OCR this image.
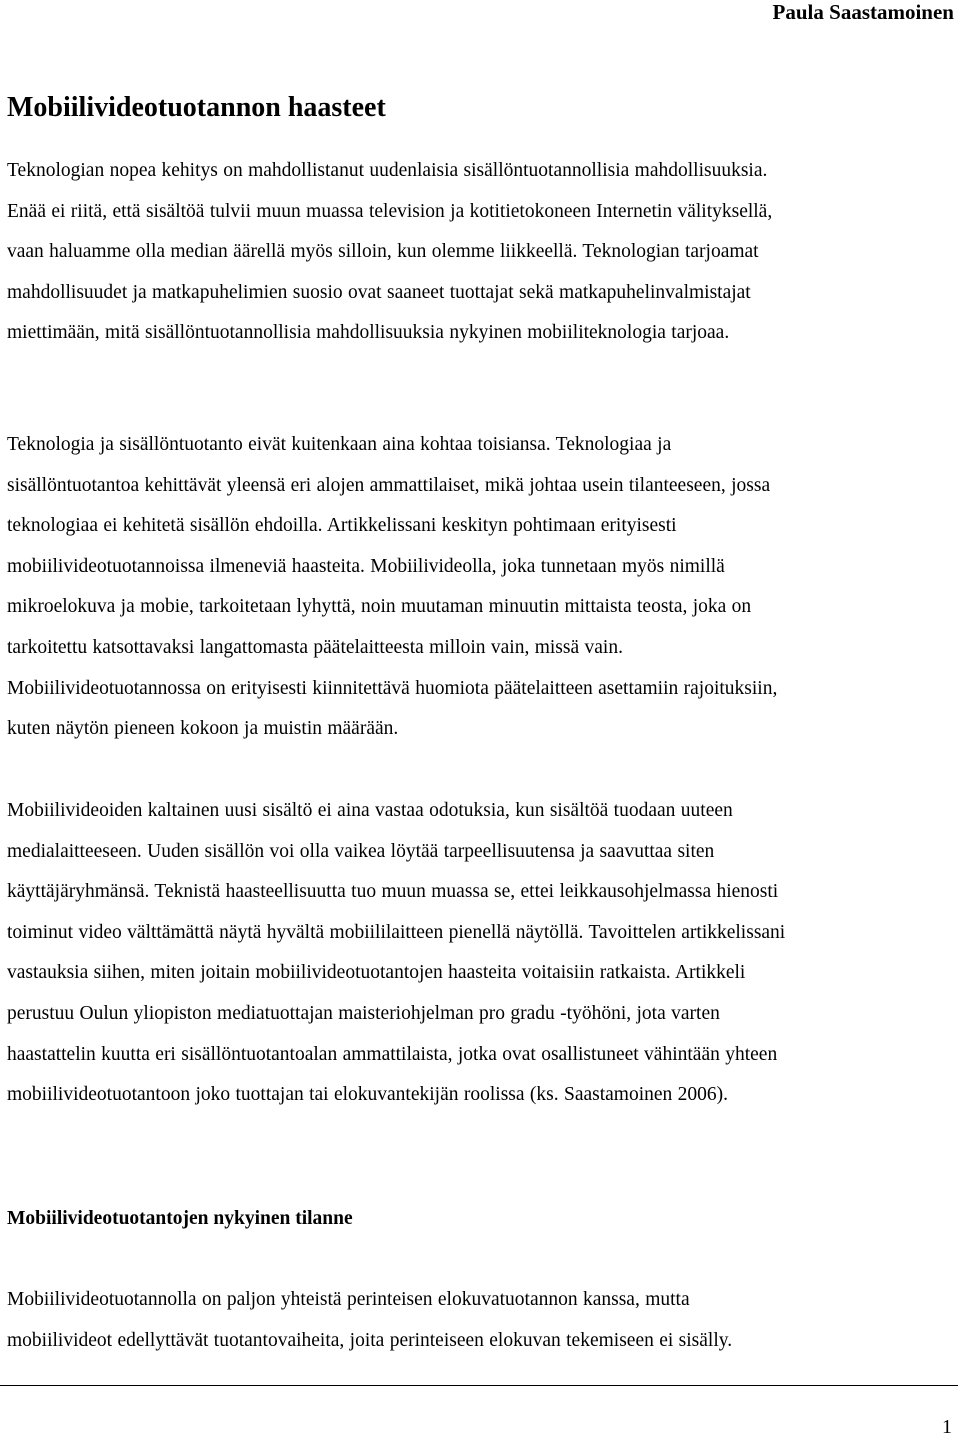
Paula Saastamoinen

Mobiilivideotuotannon haasteet

Teknologian nopea kehitys on mahdollistanut uudenlaisia sisällöntuotannollisia mahdollisuuksia.
Enää ei riitä, että sisältöä tulvii muun muassa television ja kotitietokoneen Internetin välityksellä,
vaan haluamme olla median äärellä myös silloin, kun olemme liikkeellä. Teknologian tarjoamat
mahdollisuudet ja matkapuhelimien suosio ovat saaneet tuottajat sekä matkapuhelinvalmistajat
miettimään, mitä sisällöntuotannollisia mahdollisuuksia nykyinen mobiiliteknologia tarjoaa.

Teknologia ja sisällöntuotanto eivät kuitenkaan aina kohtaa toisiansa. Teknologiaa ja
sisällöntuotantoa kehittävät yleensä eri alojen ammattilaiset, mikä johtaa usein tilanteeseen, jossa
teknologiaa ei kehitetä sisällön ehdoilla. Artikkelissani keskityn pohtimaan erityisesti
mobiilivideotuotannoissa ilmeneviä haasteita. Mobiilivideolla, joka tunnetaan myös nimillä
mikroelokuva ja mobie, tarkoitetaan lyhyttä, noin muutaman minuutin mittaista teosta, joka on
tarkoitettu katsottavaksi langattomasta päätelaitteesta milloin vain, missä vain.
Mobiilivideotuotannossa on erityisesti kiinnitettävä huomiota päätelaitteen asettamiin rajoituksiin,
kuten näytön pieneen kokoon ja muistin määrään.

Mobiilivideoiden kaltainen uusi sisältö ei aina vastaa odotuksia, kun sisältöä tuodaan uuteen
medialaitteeseen. Uuden sisällön voi olla vaikea löytää tarpeellisuutensa ja saavuttaa siten
käyttäjäryhmänsä. Teknistä haasteellisuutta tuo muun muassa se, ettei leikkausohjelmassa hienosti
toiminut video välttämättä näytä hyvältä mobiililaitteen pienellä näytöllä. Tavoittelen artikkelissani
vastauksia siihen, miten joitain mobiilivideotuotantojen haasteita voitaisiin ratkaista. Artikkeli
perustuu Oulun yliopiston mediatuottajan maisteriohjelman pro gradu -työhöni, jota varten
haastattelin kuutta eri sisällöntuotantoalan ammattilaista, jotka ovat osallistuneet vähintään yhteen
mobiilivideotuotantoon joko tuottajan tai elokuvantekijän roolissa (ks. Saastamoinen 2006).

Mobiilivideotuotantojen nykyinen tilanne

Mobiilivideotuotannolla on paljon yhteistä perinteisen elokuvatuotannon kanssa, mutta
mobiilivideot edellyttävät tuotantovaiheita, joita perinteiseen elokuvan tekemiseen ei sisälly.

1
